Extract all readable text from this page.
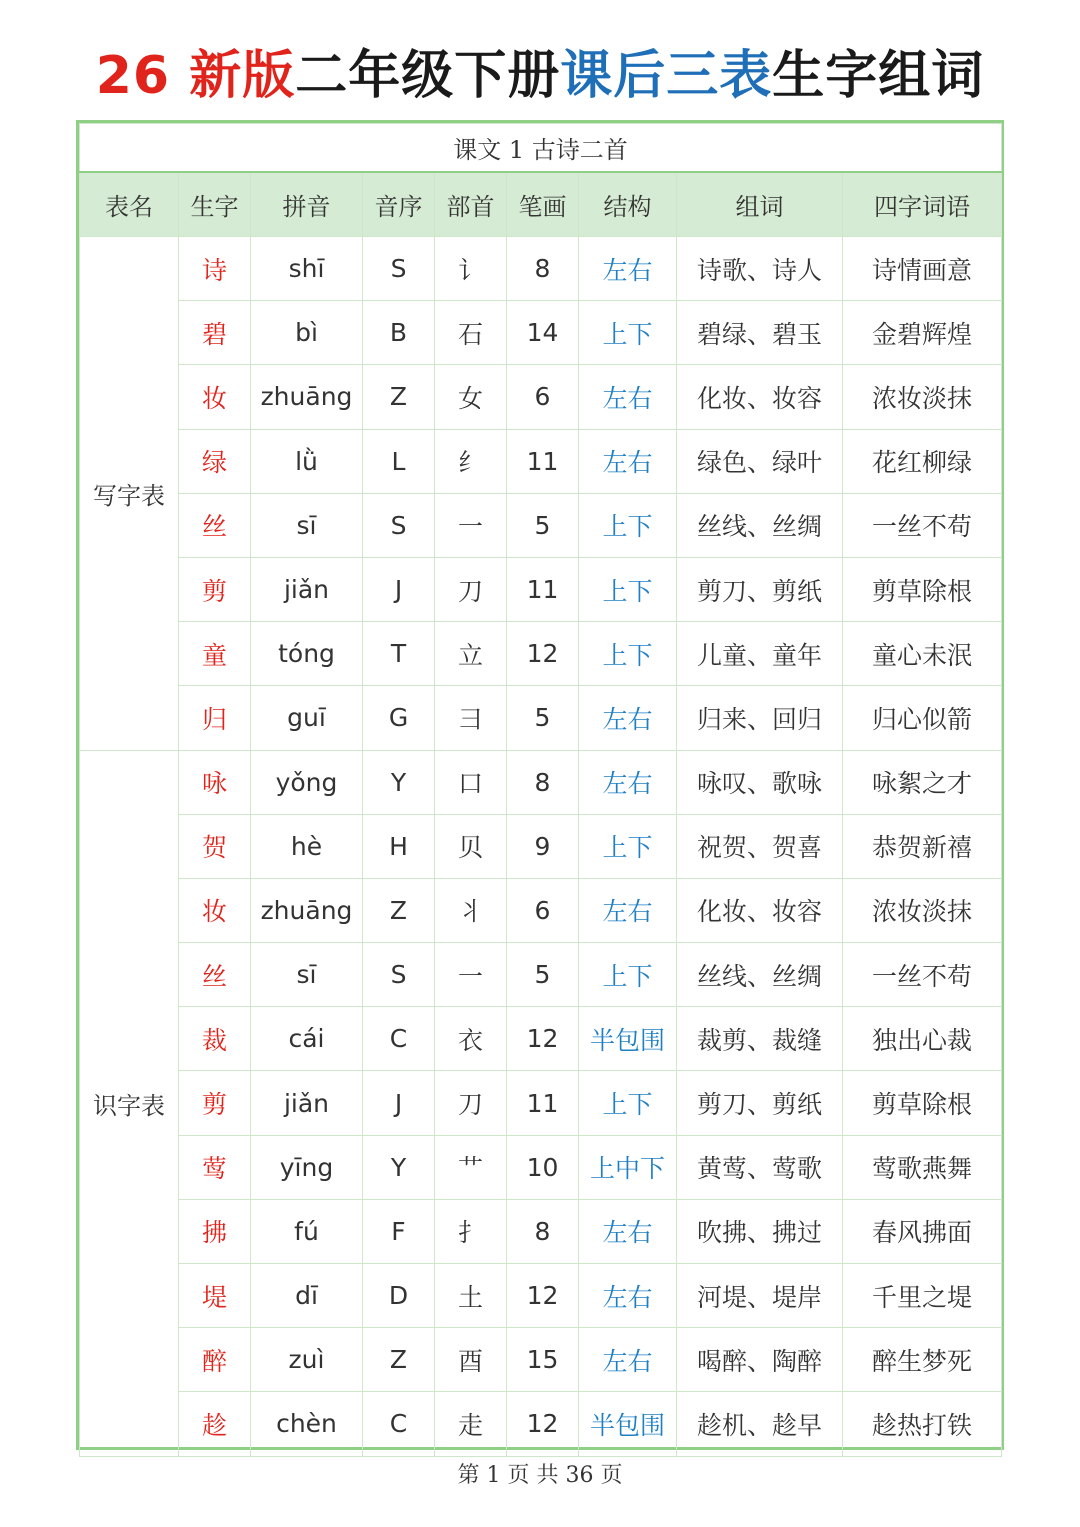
26 新版二年级下册课后三表生字组词
课文 1 古诗二首								
表名	生字	拼音	音序	部首	笔画	结构	组词	四字词语
写字表	诗	shī	S	讠	8	左右	诗歌、诗人	诗情画意
	碧	bì	B	石	14	上下	碧绿、碧玉	金碧辉煌
	妆	zhuāng	Z	女	6	左右	化妆、妆容	浓妆淡抹
	绿	lǜ	L	纟	11	左右	绿色、绿叶	花红柳绿
	丝	sī	S	一	5	上下	丝线、丝绸	一丝不苟
	剪	jiǎn	J	刀	11	上下	剪刀、剪纸	剪草除根
	童	tóng	T	立	12	上下	儿童、童年	童心未泯
	归	guī	G	彐	5	左右	归来、回归	归心似箭
识字表	咏	yǒng	Y	口	8	左右	咏叹、歌咏	咏絮之才
	贺	hè	H	贝	9	上下	祝贺、贺喜	恭贺新禧
	妆	zhuāng	Z	丬	6	左右	化妆、妆容	浓妆淡抹
	丝	sī	S	一	5	上下	丝线、丝绸	一丝不苟
	裁	cái	C	衣	12	半包围	裁剪、裁缝	独出心裁
	剪	jiǎn	J	刀	11	上下	剪刀、剪纸	剪草除根
	莺	yīng	Y	艹	10	上中下	黄莺、莺歌	莺歌燕舞
	拂	fú	F	扌	8	左右	吹拂、拂过	春风拂面
	堤	dī	D	土	12	左右	河堤、堤岸	千里之堤
	醉	zuì	Z	酉	15	左右	喝醉、陶醉	醉生梦死
	趁	chèn	C	走	12	半包围	趁机、趁早	趁热打铁
第 1 页 共 36 页
